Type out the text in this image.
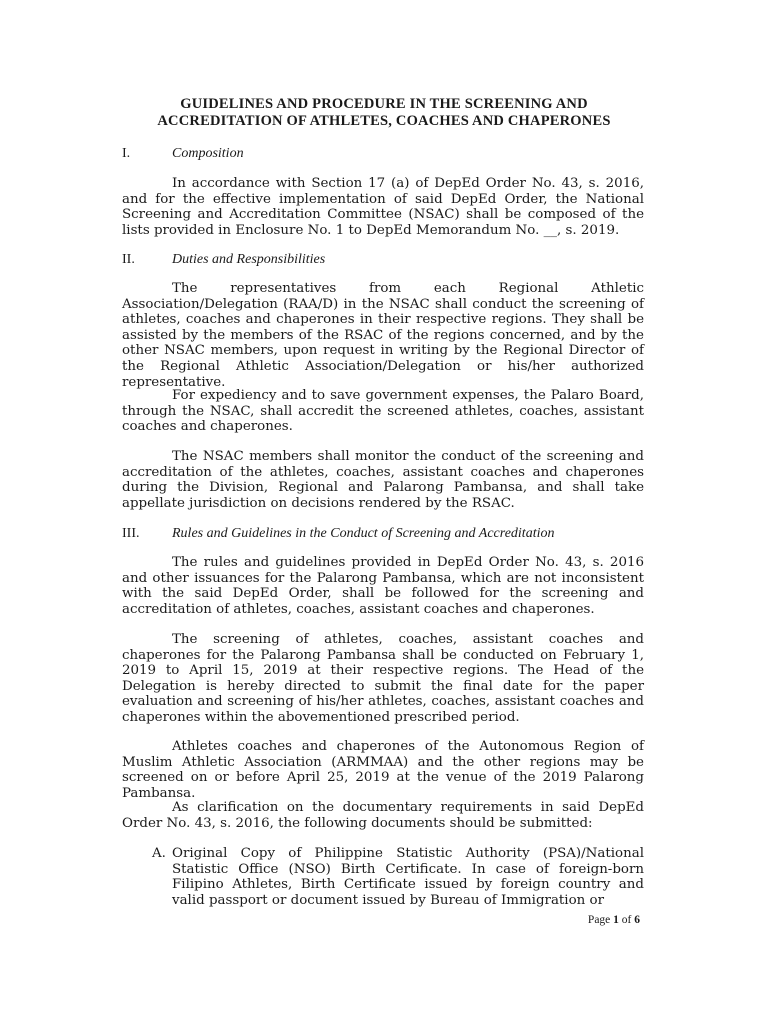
GUIDELINES AND PROCEDURE IN THE SCREENING AND
ACCREDITATION OF ATHLETES, COACHES AND CHAPERONES
I.	Composition

In accordance with Section 17 (a) of DepEd Order No. 43, s. 2016, and for the effective implementation of said DepEd Order, the National Screening and Accreditation Committee (NSAC) shall be composed of the lists provided in Enclosure No. 1 to DepEd Memorandum No. __, s. 2019.

II.	Duties and Responsibilities

The representatives from each Regional Athletic Association/Delegation (RAA/D) in the NSAC shall conduct the screening of athletes, coaches and chaperones in their respective regions. They shall be assisted by the members of the RSAC of the regions concerned, and by the other NSAC members, upon request in writing by the Regional Director of the Regional Athletic Association/Delegation or his/her authorized representative.

For expediency and to save government expenses, the Palaro Board, through the NSAC, shall accredit the screened athletes, coaches, assistant coaches and chaperones.

The NSAC members shall monitor the conduct of the screening and accreditation of the athletes, coaches, assistant coaches and chaperones during the Division, Regional and Palarong Pambansa, and shall take appellate jurisdiction on decisions rendered by the RSAC.

III. Rules and Guidelines in the Conduct of Screening and Accreditation

The rules and guidelines provided in DepEd Order No. 43, s. 2016 and other issuances for the Palarong Pambansa, which are not inconsistent with the said DepEd Order, shall be followed for the screening and accreditation of athletes, coaches, assistant coaches and chaperones.

The screening of athletes, coaches, assistant coaches and chaperones for the Palarong Pambansa shall be conducted on February 1, 2019 to April 15, 2019 at their respective regions. The Head of the Delegation is hereby directed to submit the final date for the paper evaluation and screening of his/her athletes, coaches, assistant coaches and chaperones within the abovementioned prescribed period.

Athletes coaches and chaperones of the Autonomous Region of Muslim Athletic Association (ARMMAA) and the other regions may be screened on or before April 25, 2019 at the venue of the 2019 Palarong Pambansa.

As clarification on the documentary requirements in said DepEd Order No. 43, s. 2016, the following documents should be submitted:

A. Original Copy of Philippine Statistic Authority (PSA)/National Statistic Office (NSO) Birth Certificate. In case of foreign-born Filipino Athletes, Birth Certificate issued by foreign country and valid passport or document issued by Bureau of Immigration or
Page 1 of 6
